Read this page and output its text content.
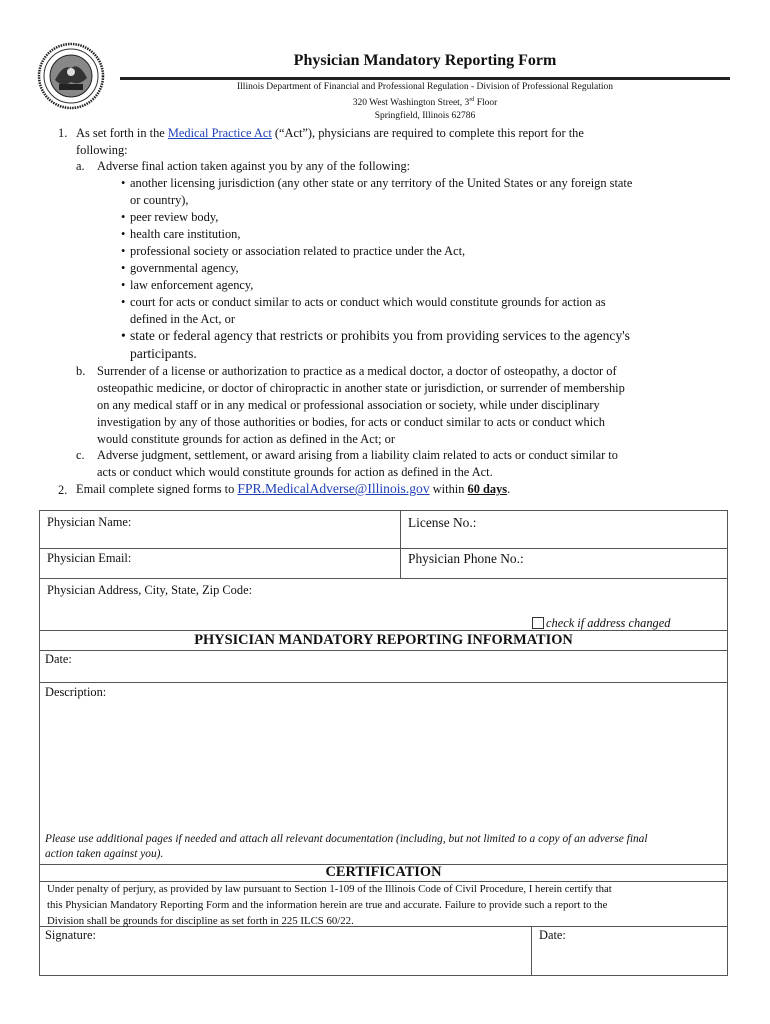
Physician Mandatory Reporting Form
Illinois Department of Financial and Professional Regulation - Division of Professional Regulation
320 West Washington Street, 3rd Floor
Springfield, Illinois 62786
1. As set forth in the Medical Practice Act (“Act”), physicians are required to complete this report for the
following:
a. Adverse final action taken against you by any of the following:
• another licensing jurisdiction (any other state or any territory of the United States or any foreign state
or country),
• peer review body,
• health care institution,
• professional society or association related to practice under the Act,
• governmental agency,
• law enforcement agency,
• court for acts or conduct similar to acts or conduct which would constitute grounds for action as
defined in the Act, or
• state or federal agency that restricts or prohibits you from providing services to the agency's
participants.
b. Surrender of a license or authorization to practice as a medical doctor, a doctor of osteopathy, a doctor of
osteopathic medicine, or doctor of chiropractic in another state or jurisdiction, or surrender of membership
on any medical staff or in any medical or professional association or society, while under disciplinary
investigation by any of those authorities or bodies, for acts or conduct similar to acts or conduct which
would constitute grounds for action as defined in the Act; or
c. Adverse judgment, settlement, or award arising from a liability claim related to acts or conduct similar to
acts or conduct which would constitute grounds for action as defined in the Act.
2. Email complete signed forms to FPR.MedicalAdverse@Illinois.gov within 60 days.
Physician Name:	License No.:
Physician Email:	Physician Phone No.:
Physician Address, City, State, Zip Code:
check if address changed
PHYSICIAN MANDATORY REPORTING INFORMATION
Date:
Description:
Please use additional pages if needed and attach all relevant documentation (including, but not limited to a copy of an adverse final
action taken against you).
CERTIFICATION
Under penalty of perjury, as provided by law pursuant to Section 1-109 of the Illinois Code of Civil Procedure, I herein certify that
this Physician Mandatory Reporting Form and the information herein are true and accurate. Failure to provide such a report to the
Division shall be grounds for discipline as set forth in 225 ILCS 60/22.
Signature:	Date:
